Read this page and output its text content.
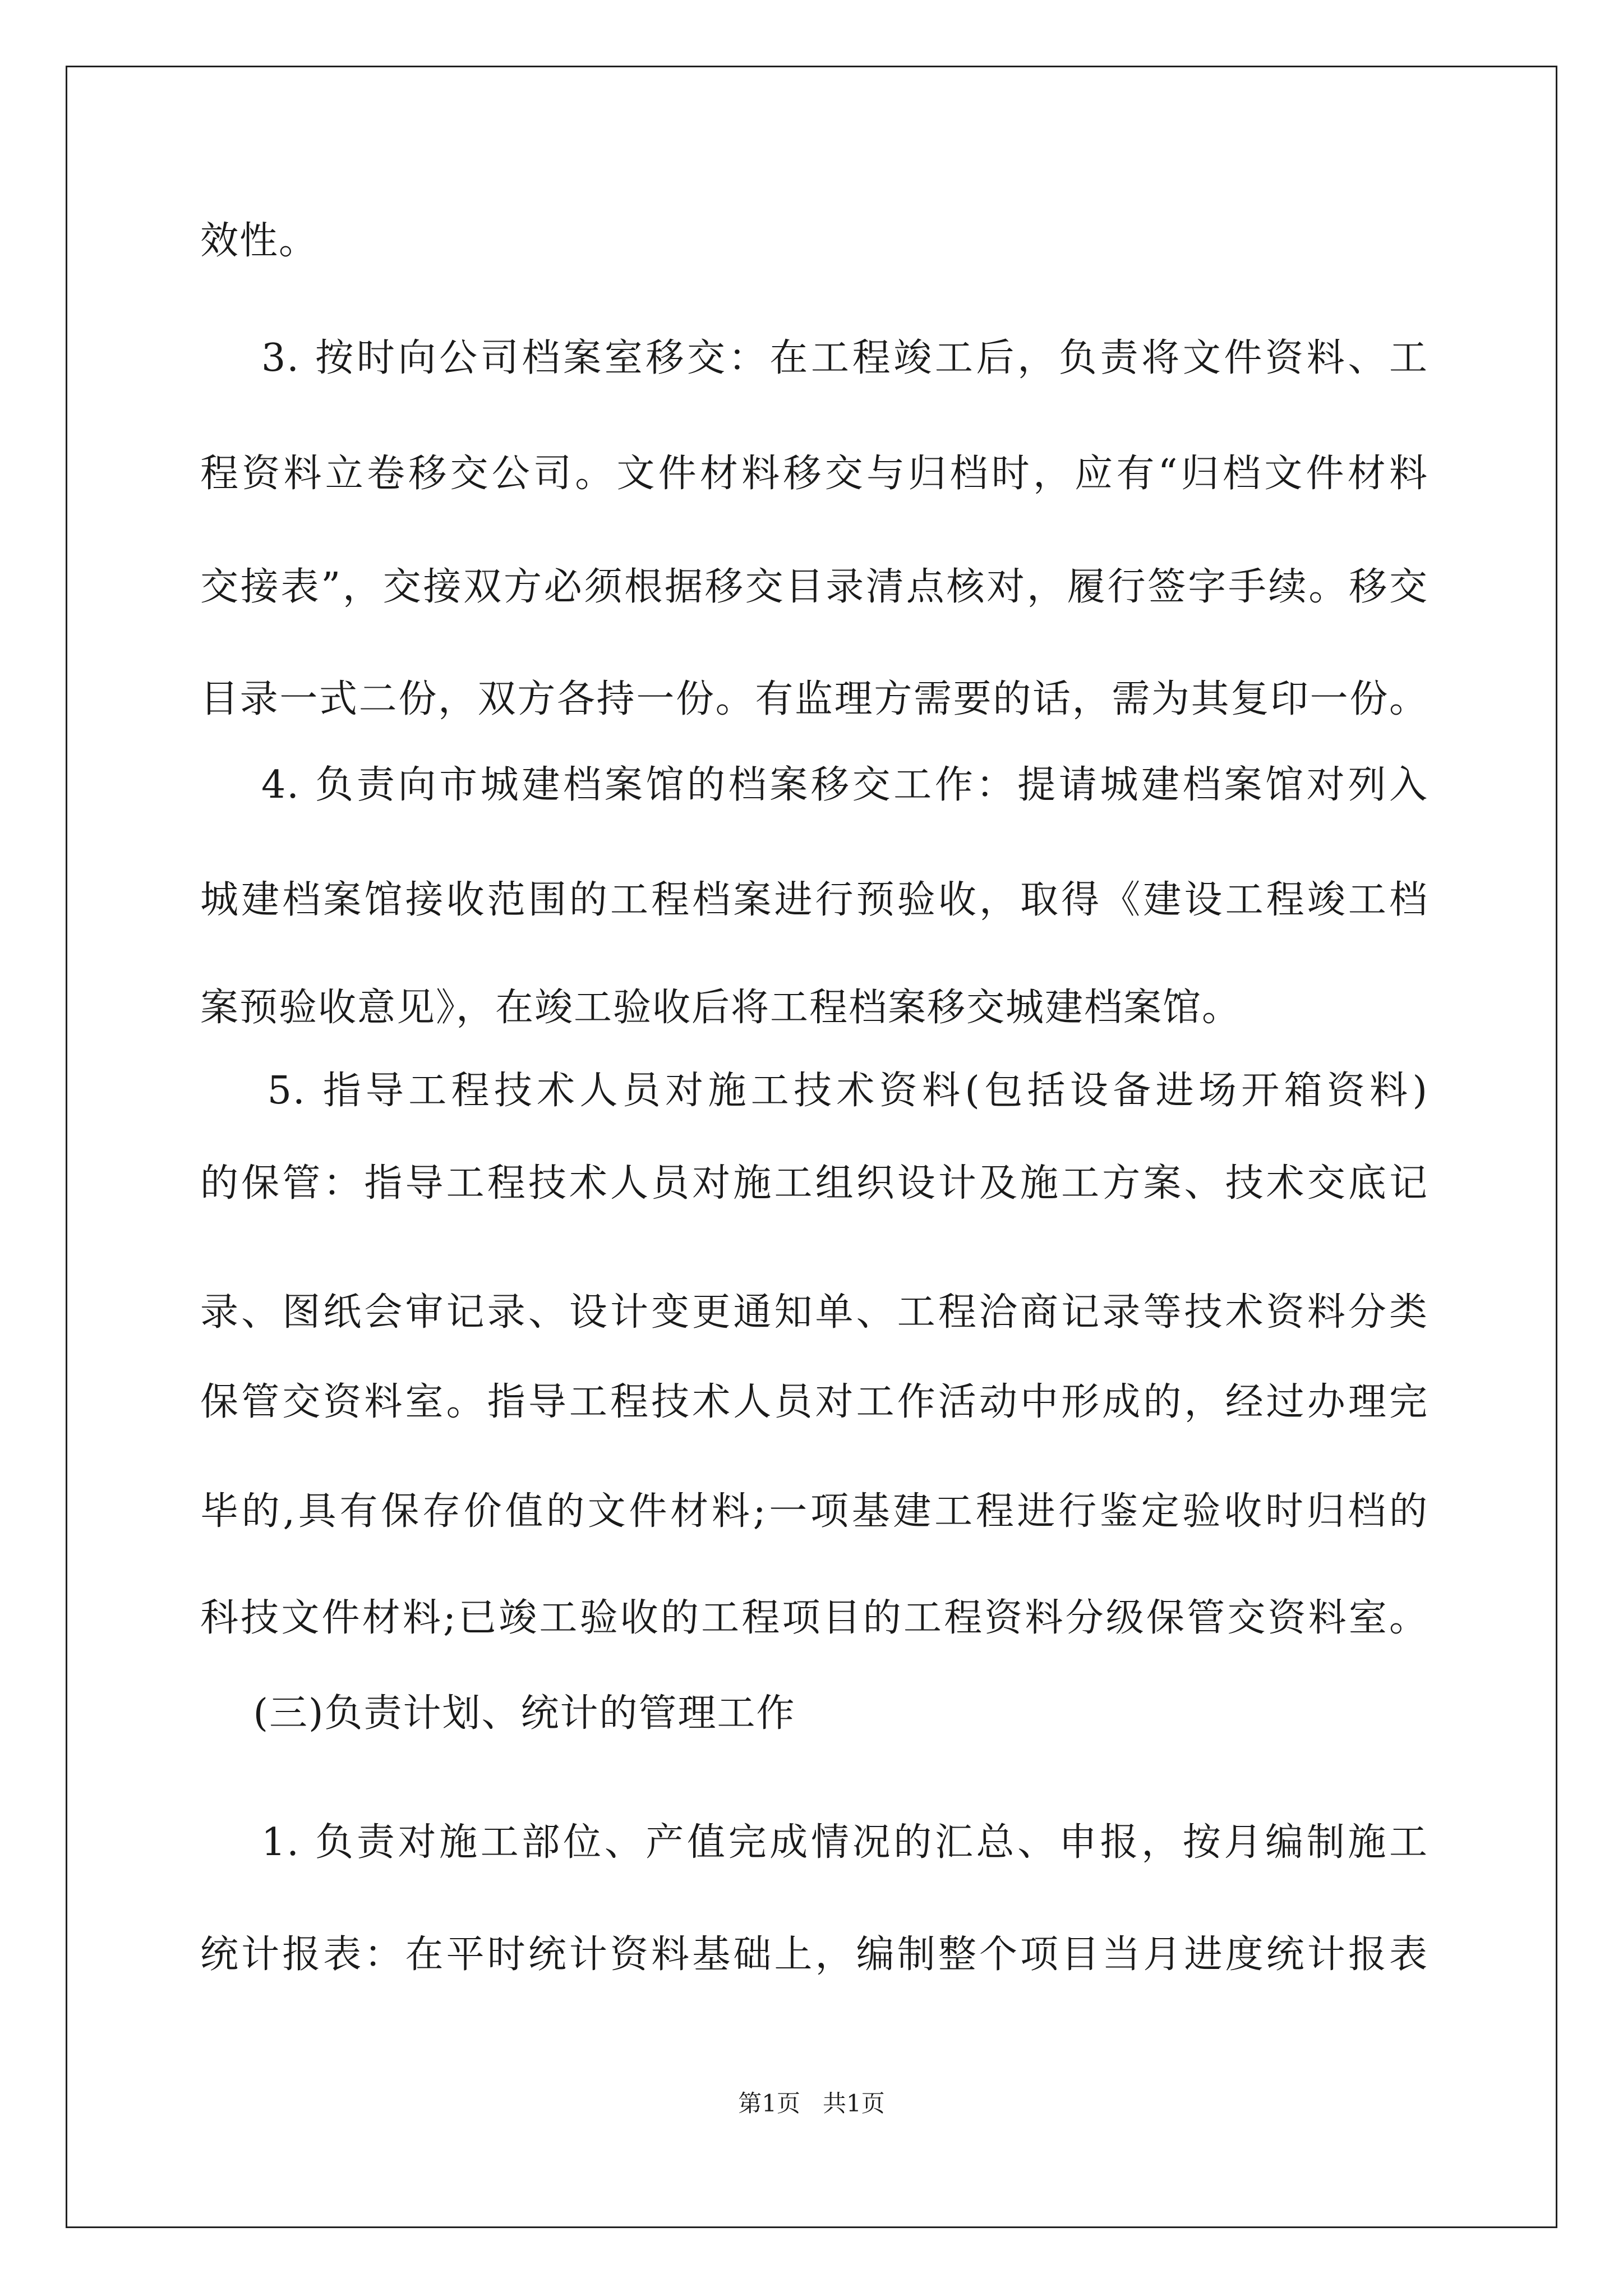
效性。
3. 按时向公司档案室移交：在工程竣工后，负责将文件资料、工
程资料立卷移交公司。文件材料移交与归档时，应有“归档文件材料
交接表”，交接双方必须根据移交目录清点核对，履行签字手续。移交
目录一式二份，双方各持一份。有监理方需要的话，需为其复印一份。
4. 负责向市城建档案馆的档案移交工作：提请城建档案馆对列入
城建档案馆接收范围的工程档案进行预验收，取得《建设工程竣工档
案预验收意见》，在竣工验收后将工程档案移交城建档案馆。
5. 指导工程技术人员对施工技术资料(包括设备进场开箱资料)
的保管：指导工程技术人员对施工组织设计及施工方案、技术交底记
录、图纸会审记录、设计变更通知单、工程洽商记录等技术资料分类
保管交资料室。指导工程技术人员对工作活动中形成的，经过办理完
毕的,具有保存价值的文件材料;一项基建工程进行鉴定验收时归档的
科技文件材料;已竣工验收的工程项目的工程资料分级保管交资料室。
(三)负责计划、统计的管理工作
1. 负责对施工部位、产值完成情况的汇总、申报，按月编制施工
统计报表：在平时统计资料基础上，编制整个项目当月进度统计报表
第1页   共1页
